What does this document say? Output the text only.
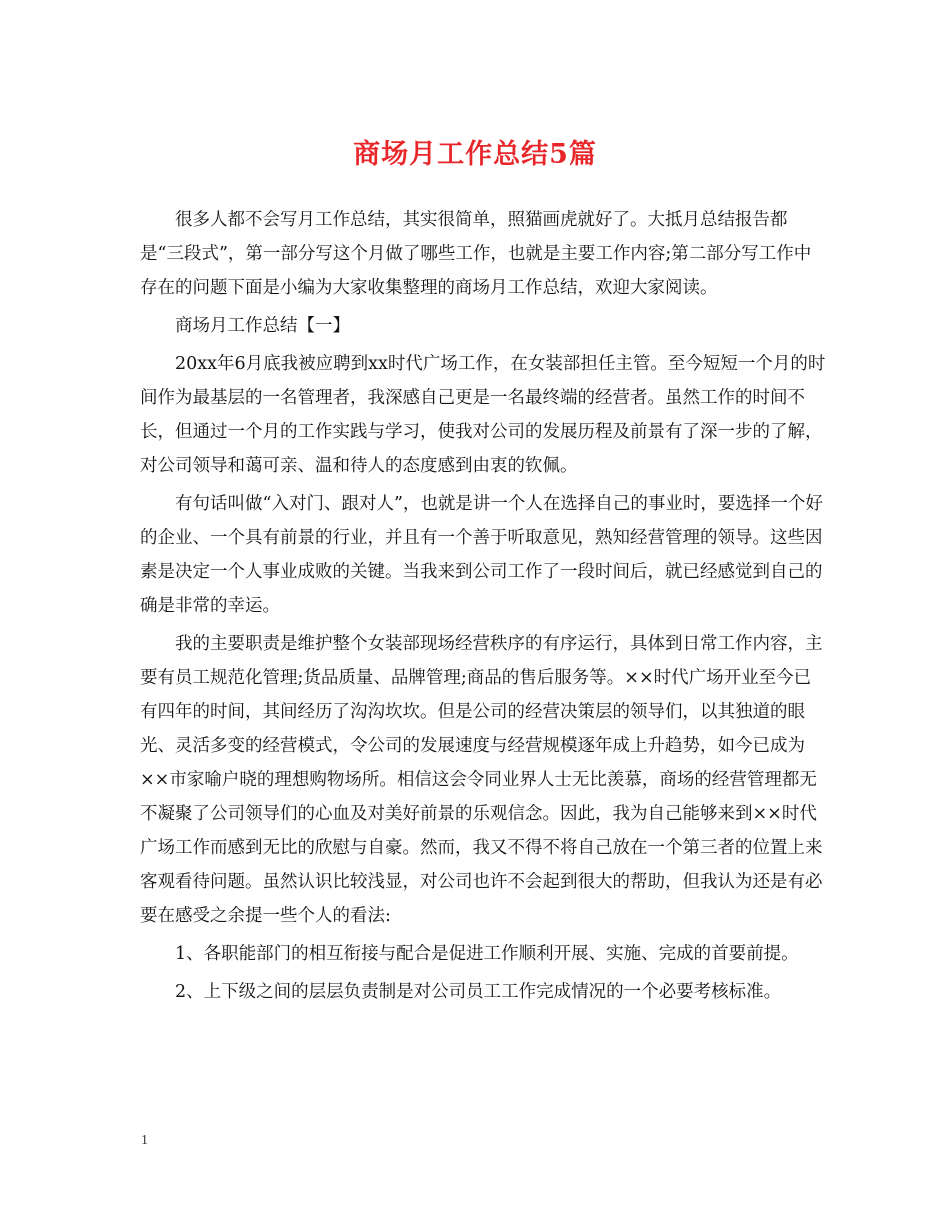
商场月工作总结5篇

很多人都不会写月工作总结，其实很简单，照猫画虎就好了。大抵月总结报告都是“三段式”，第一部分写这个月做了哪些工作，也就是主要工作内容;第二部分写工作中存在的问题下面是小编为大家收集整理的商场月工作总结，欢迎大家阅读。

商场月工作总结【一】

20xx年6月底我被应聘到xx时代广场工作，在女装部担任主管。至今短短一个月的时间作为最基层的一名管理者，我深感自己更是一名最终端的经营者。虽然工作的时间不长，但通过一个月的工作实践与学习，使我对公司的发展历程及前景有了深一步的了解，对公司领导和蔼可亲、温和待人的态度感到由衷的钦佩。

有句话叫做“入对门、跟对人”，也就是讲一个人在选择自己的事业时，要选择一个好的企业、一个具有前景的行业，并且有一个善于听取意见，熟知经营管理的领导。这些因素是决定一个人事业成败的关键。当我来到公司工作了一段时间后，就已经感觉到自己的确是非常的幸运。

我的主要职责是维护整个女装部现场经营秩序的有序运行，具体到日常工作内容，主要有员工规范化管理;货品质量、品牌管理;商品的售后服务等。××时代广场开业至今已有四年的时间，其间经历了沟沟坎坎。但是公司的经营决策层的领导们，以其独道的眼光、灵活多变的经营模式，令公司的发展速度与经营规模逐年成上升趋势，如今已成为××市家喻户晓的理想购物场所。相信这会令同业界人士无比羡慕，商场的经营管理都无不凝聚了公司领导们的心血及对美好前景的乐观信念。因此，我为自己能够来到××时代广场工作而感到无比的欣慰与自豪。然而，我又不得不将自己放在一个第三者的位置上来客观看待问题。虽然认识比较浅显，对公司也许不会起到很大的帮助，但我认为还是有必要在感受之余提一些个人的看法:

1、各职能部门的相互衔接与配合是促进工作顺利开展、实施、完成的首要前提。

2、上下级之间的层层负责制是对公司员工工作完成情况的一个必要考核标准。

1
